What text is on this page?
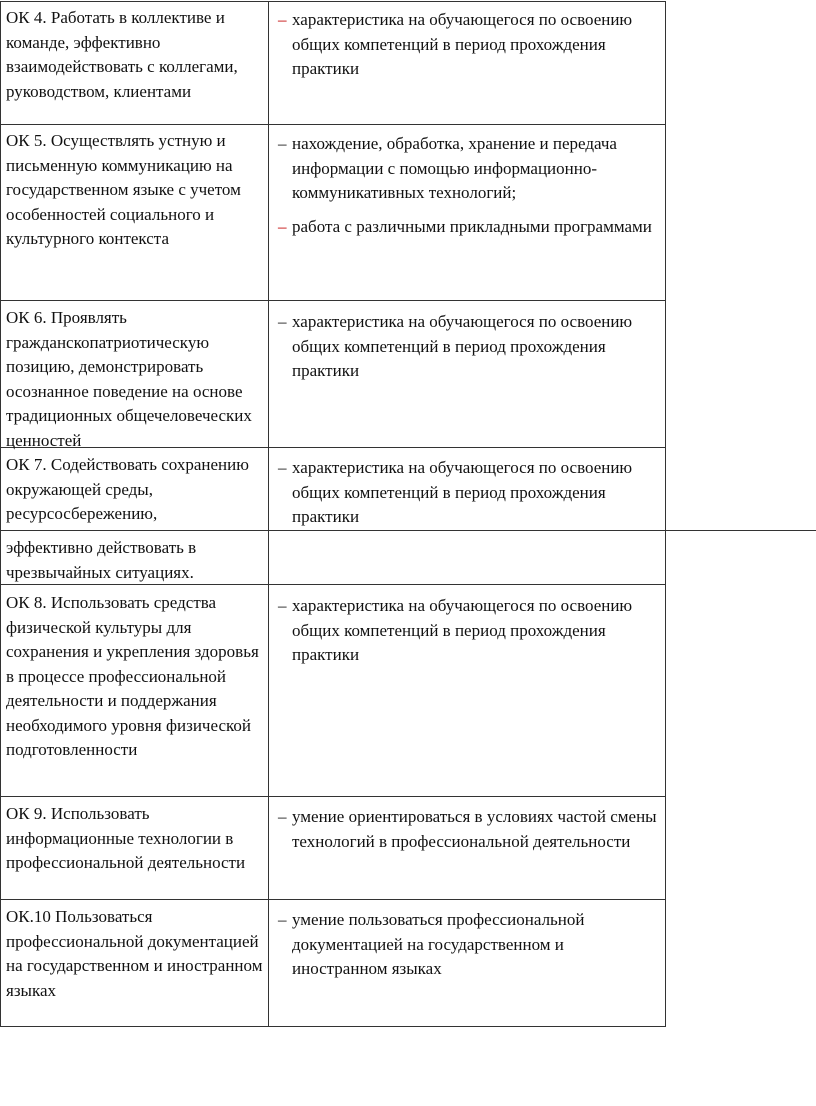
ОК 4. Работать в коллективе и команде, эффективно взаимодействовать с коллегами, руководством, клиентами
– характеристика на обучающегося по освоению общих компетенций в период прохождения практики
ОК 5. Осуществлять устную и письменную коммуникацию на государственном языке с учетом особенностей социального и культурного контекста
– нахождение, обработка, хранение и передача информации с помощью информационно-коммуникативных технологий;
– работа с различными прикладными программами
ОК 6. Проявлять гражданскопатриотическую позицию, демонстрировать осознанное поведение на основе традиционных общечеловеческих ценностей
– характеристика на обучающегося по освоению общих компетенций в период прохождения практики
ОК 7. Содействовать сохранению окружающей среды, ресурсосбережению,
– характеристика на обучающегося по освоению общих компетенций в период прохождения практики
эффективно действовать в чрезвычайных ситуациях.
ОК 8. Использовать средства физической культуры для сохранения и укрепления здоровья в процессе профессиональной деятельности и поддержания необходимого уровня физической подготовленности
– характеристика на обучающегося по освоению общих компетенций в период прохождения практики
ОК 9. Использовать информационные технологии в профессиональной деятельности
– умение ориентироваться в условиях частой смены технологий в профессиональной деятельности
ОК.10 Пользоваться профессиональной документацией на государственном и иностранном языках
– умение пользоваться профессиональной документацией на государственном и иностранном языках
